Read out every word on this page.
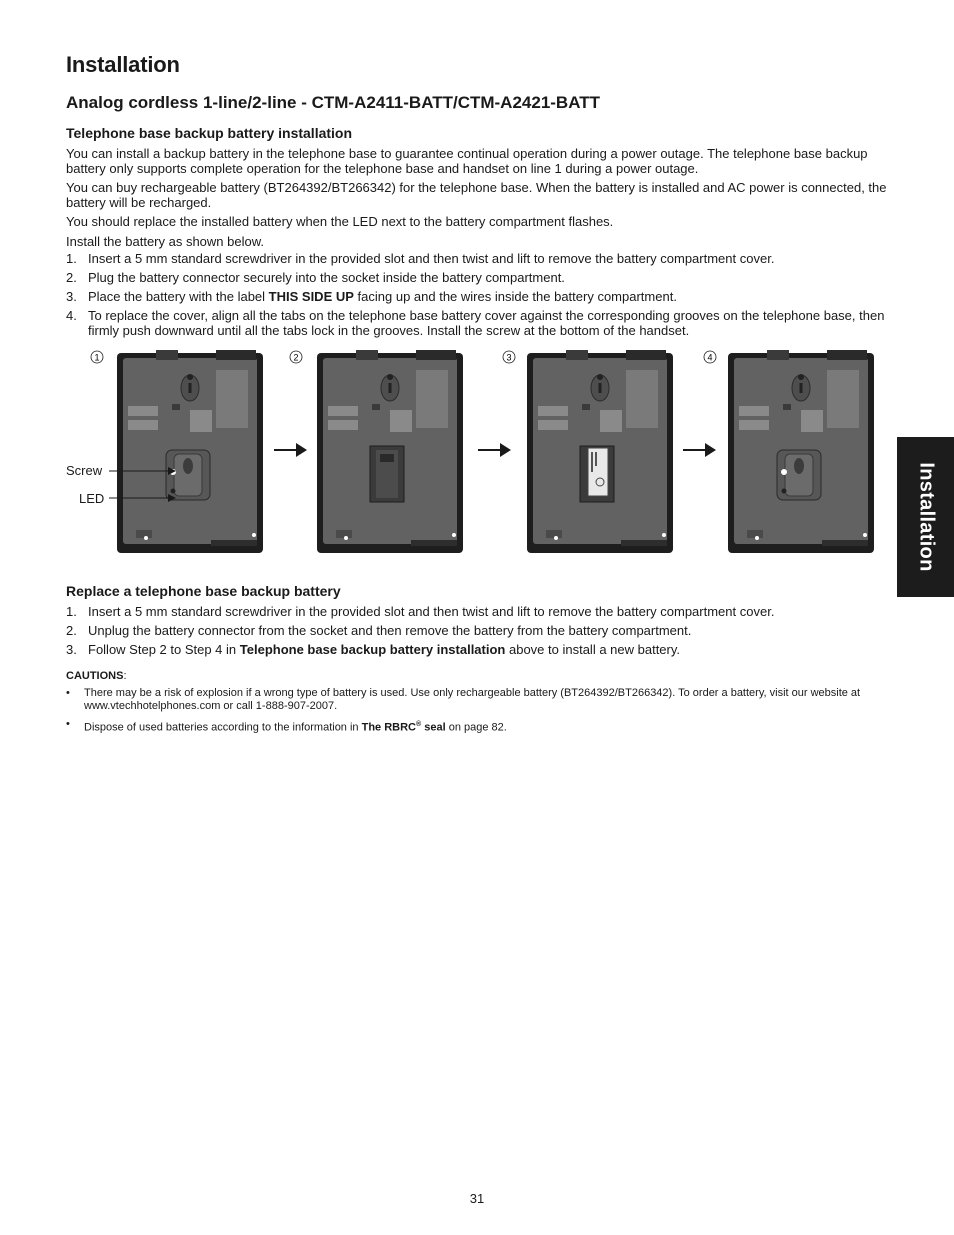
Installation
Analog cordless 1-line/2-line - CTM-A2411-BATT/CTM-A2421-BATT
Telephone base backup battery installation

You can install a backup battery in the telephone base to guarantee continual operation during a power outage. The telephone base backup battery only supports complete operation for the telephone base and handset on line 1 during a power outage.

You can buy rechargeable battery (BT264392/BT266342) for the telephone base. When the battery is installed and AC power is connected, the battery will be recharged.

You should replace the installed battery when the LED next to the battery compartment flashes.

Install the battery as shown below.

1. Insert a 5 mm standard screwdriver in the provided slot and then twist and lift to remove the battery compartment cover.
2. Plug the battery connector securely into the socket inside the battery compartment.
3. Place the battery with the label THIS SIDE UP facing up and the wires inside the battery compartment.
4. To replace the cover, align all the tabs on the telephone base battery cover against the corresponding grooves on the telephone base, then firmly push downward until all the tabs lock in the grooves. Install the screw at the bottom of the handset.
1	2	3	4
Screw
LED
Replace a telephone base backup battery
1. Insert a 5 mm standard screwdriver in the provided slot and then twist and lift to remove the battery compartment cover.
2. Unplug the battery connector from the socket and then remove the battery from the battery compartment.
3. Follow Step 2 to Step 4 in Telephone base backup battery installation above to install a new battery.

CAUTIONS:

• There may be a risk of explosion if a wrong type of battery is used. Use only rechargeable battery (BT264392/BT266342). To order a battery, visit our website at www.vtechhotelphones.com or call 1-888-907-2007.

• Dispose of used batteries according to the information in The RBRC® seal on page 82.

Installation

31
